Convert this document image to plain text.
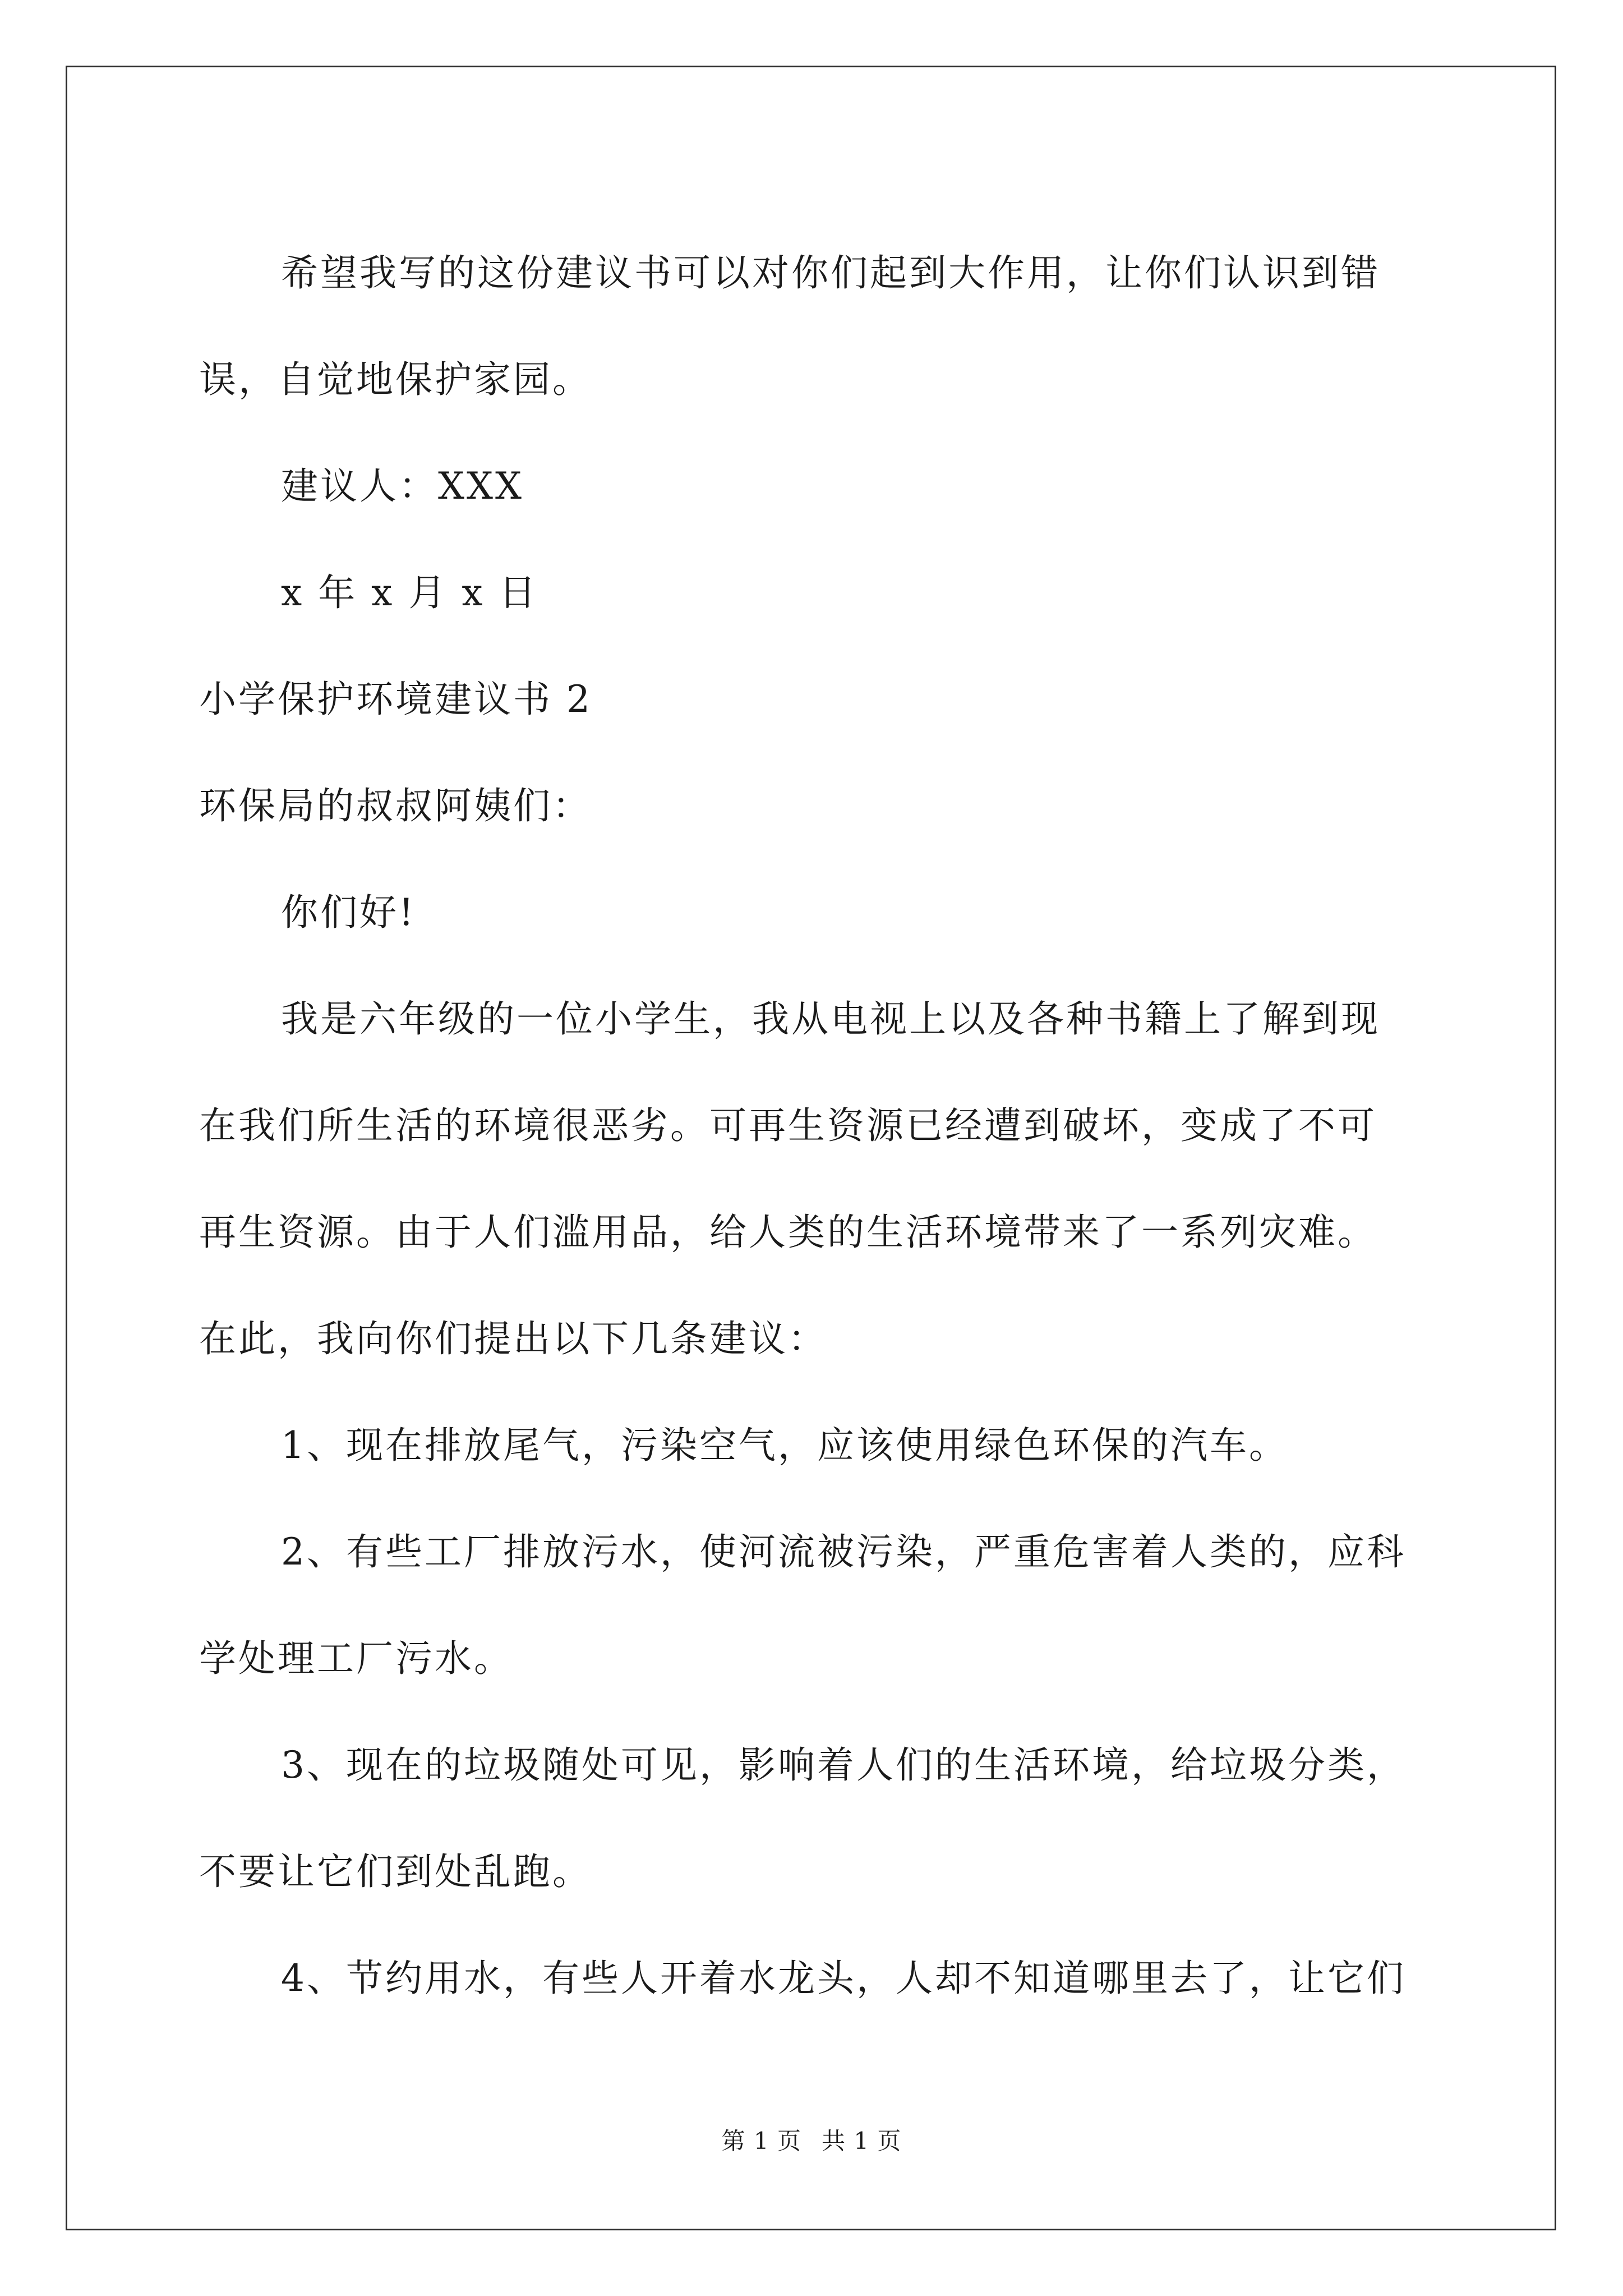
希望我写的这份建议书可以对你们起到大作用，让你们认识到错

误，自觉地保护家园。

建议人：XXX

x 年 x 月 x 日

小学保护环境建议书 2

环保局的叔叔阿姨们：

你们好!

我是六年级的一位小学生，我从电视上以及各种书籍上了解到现

在我们所生活的环境很恶劣。可再生资源已经遭到破坏，变成了不可

再生资源。由于人们滥用品，给人类的生活环境带来了一系列灾难。

在此，我向你们提出以下几条建议：

1、现在排放尾气，污染空气，应该使用绿色环保的汽车。

2、有些工厂排放污水，使河流被污染，严重危害着人类的，应科

学处理工厂污水。

3、现在的垃圾随处可见，影响着人们的生活环境，给垃圾分类，

不要让它们到处乱跑。

4、节约用水，有些人开着水龙头，人却不知道哪里去了，让它们

第 1 页 共 1 页
